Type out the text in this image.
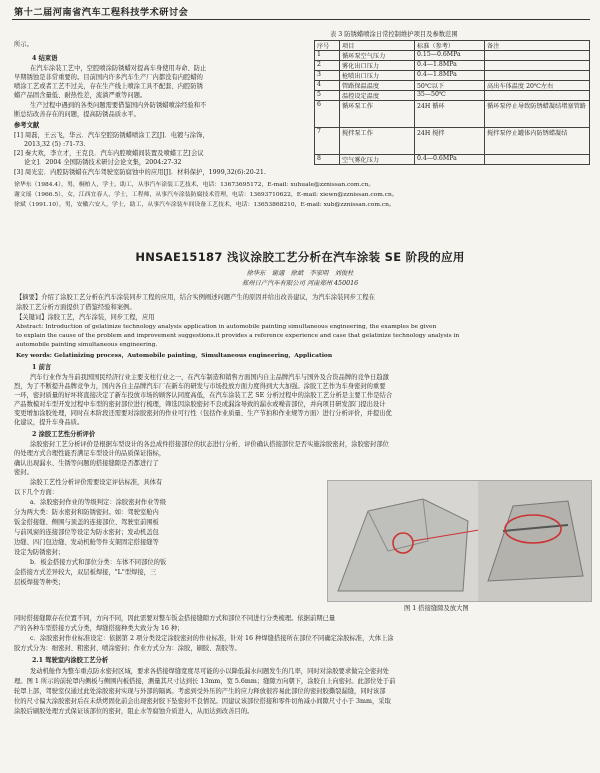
第十二届河南省汽车工程科技学术研讨会
所示。
4 结束语
在汽车涂装工艺中，空腔喷涂防锈蜡对提高车身使用寿命、防止
早期锈蚀是非常重要的。目前国内许多汽车生产厂内都没有内腔蜡的
喷涂工艺或者工艺不过关，存在生产线上喷涂工具不配套、内腔防锈
蜡产品固含量低、耐热性差，流淌严重等问题。
生产过程中遇到的各类问题需要借鉴国内外防锈蜡喷涂经验和不
断总结改善存在的问题，提高防锈品质水平。
参考文献
[1] 周磊，王云飞，华云．汽车空腔防锈蜡喷涂工艺[J]．电镀与涂饰，
2013,32 (5) :71-73.
[2] 秦大欢，李立才，王克良．汽车内腔喷蜡间装置及喷蜡工艺[会议
论文]．2004 全国防锈技术研讨会论文集，2004:27-32
[3] 周光宏．内腔防锈蜡在汽车驾驶室防腐蚀中的应用[J]．材料保护，1999,32(6):20-21.
表 3 防锈蜡喷涂日常控制维护项目及参数范围
序号	项目	标准（参考）	备注
1	循环泵空气压力	0.15—0.6MPa	
2	雾化出口压力	0.4—1.8MPa	
3	枪喷出口压力	0.4—1.8MPa	
4	管路保温温度	50℃以下	高出车体温度 20℃左右
5	温控设定温度	35—50℃	
6	循环泵工作	24H 循环	循环泵停止导致防锈蜡凝结堵塞管路
7	搅拌泵工作	24H 搅拌	搅拌泵停止罐体内防锈蜡凝结
8	空气雾化压力	0.4—0.6MPa	
徐华东（1984.4），男，桐柏人，学士，助工，从事汽车涂装工艺技术，电话：13673695172，E-mail: xuhuale@zznissan.com.cn。
谢文瑶（1966.5），女，江西宜春人，学士，工程师，从事汽车涂装防腐技术管理，电话：13693710622，E-mail: xiewn@zznissan.com.cn。
徐斌（1991.10），男，安徽六安人，学士，助工，从事汽车涂装车间设备工艺技术，电话：13653868210，E-mail: xub@zznissan.com.cn。
HNSAE15187 浅议涂胶工艺分析在汽车涂装 SE 阶段的应用
徐华东　谢通　徐斌　李家明　刘俊杜
郑州日产汽车有限公司 河南郑州 450016
【摘要】介绍了涂胶工艺分析在汽车涂装同步工程的应用，结合实例阐述问题产生的原因并给出改善建议，为汽车涂装同步工程在
涂胶工艺分析方面提供了借鉴经验和案例。
【关键词】涂胶工艺，汽车涂装，同步工程，应用
Abstract: Introduction of gelatinize technology analysis application in automobile painting simultaneous engineering, the examples be given
to explain the cause of the problem and improvement suggestions.it provides a reference experience and case that gelatinize technology analysis in
automobile painting simultaneous engineering.
Key words: Gelatinizing process，Automobile painting，Simultaneous engineering，Application
1 前言
汽车行业作为当前我国国民经济行业主要支柱行业之一，在汽车制造和销售方面国内自主品牌汽车与国外及合资品牌的竞争日趋激
烈，为了不断提升品牌竞争力，国内各自主品牌汽车厂在新车的研发与市场投放方面力度得到大大加强。涂胶工艺作为车身密封的重要
一环，密封质量的好坏将直接决定了新车投放市场的顾客认同度高低，在汽车涂装工艺 SE 分析过程中的涂胶工艺分析是主要工作是结合
产品数模对车型开发过程中车型的密封部位进行梳理，筛选因涂胶密封不良或漏涂导致的漏水或噪音部位，并向项目研发部门提出设计
变更增加涂胶处理，同时在本阶段还需要对涂胶密封的作业可行性（包括作业质量、生产节拍和作业规等方面）进行分析评价，并提出优
化建议，提升车身品质。
2 涂胶工艺性分析评价
涂胶密封工艺分析评价是根据车型设计的各总成件搭接部位的状态进行分析、评价确认搭接部位是否实施涂胶密封，涂胶密封部位
的处理方式合理性能否满足车型设计的品质保证指标，
确认出现漏水、生锈等问题的搭接缝隙是否都进行了
密封。
涂胶工艺性分析评价需要设定评估标准，具体有
以下几个方面：
a．涂胶密封作业的等级判定：涂胶密封作业等级
分为两大类：防水密封和防锈密封。如：驾驶室舱内
钣金搭接缝、侧围与顶盖的连接部位、驾驶室前围板
与前风窗的连接部位等设定为防水密封；发动机盖包
边缝、四门包边缝、发动机舱等件支架固定搭接缝等
设定为防锈密封；
b．板金搭接方式和部位分类：车体不同部位的钣
金搭接方式差异较大，双层板焊接，"L"型焊接，三
层板焊接等种类；
图 1 搭接缝隙及放大图
同时搭接缝隙存在位置不同，方向不同，因此需要对整车钣金搭接缝隙方式和部位不同进行分类梳理。依据前期已量
产的各种车型搭接方式分类，焊缝搭接种类大致分为 16 种；
c．涂胶密封作业标准设定：依据第 2 项分类设定涂胶密封的作业标准，针对 16 种焊缝搭接所在部位不同确定涂胶标准，大体上涂
胶方式分为：细密封、粗密封、喷涂密封；作业方式分为：涂胶，刷胶、刮胶等。
2.1 驾驶室内涂胶工艺分析
发动机舱作为整车重点防水密封区域，要求各搭接焊缝宽度尽可能的小以降低漏水问题发生的几率，同时对涂胶要求做完全密封处
理。图 1 所示的前轮罩内侧板与侧围内板搭接，测量其尺寸达到长 13mm，宽 5.6mm；缝隙方向朝下，涂胶自上向密封。此部位处于前
轮罩上部，驾驶室仅通过此处涂胶密封实现与外部的隔离。考虑到受外压的产生的应力释放很容易此部位的密封胶撕裂漏缝，同时该部
位的尺寸偏大涂胶密封后在未烘烤固化前会出现密封胶下坠密封不良情况。因建议该部位搭接和零件切角减小间隙尺寸小于 3mm，采取
涂胶后刷胶处理方式保证该部位的密封，阻止水等腐蚀介质进入，从而达到改善目的。
